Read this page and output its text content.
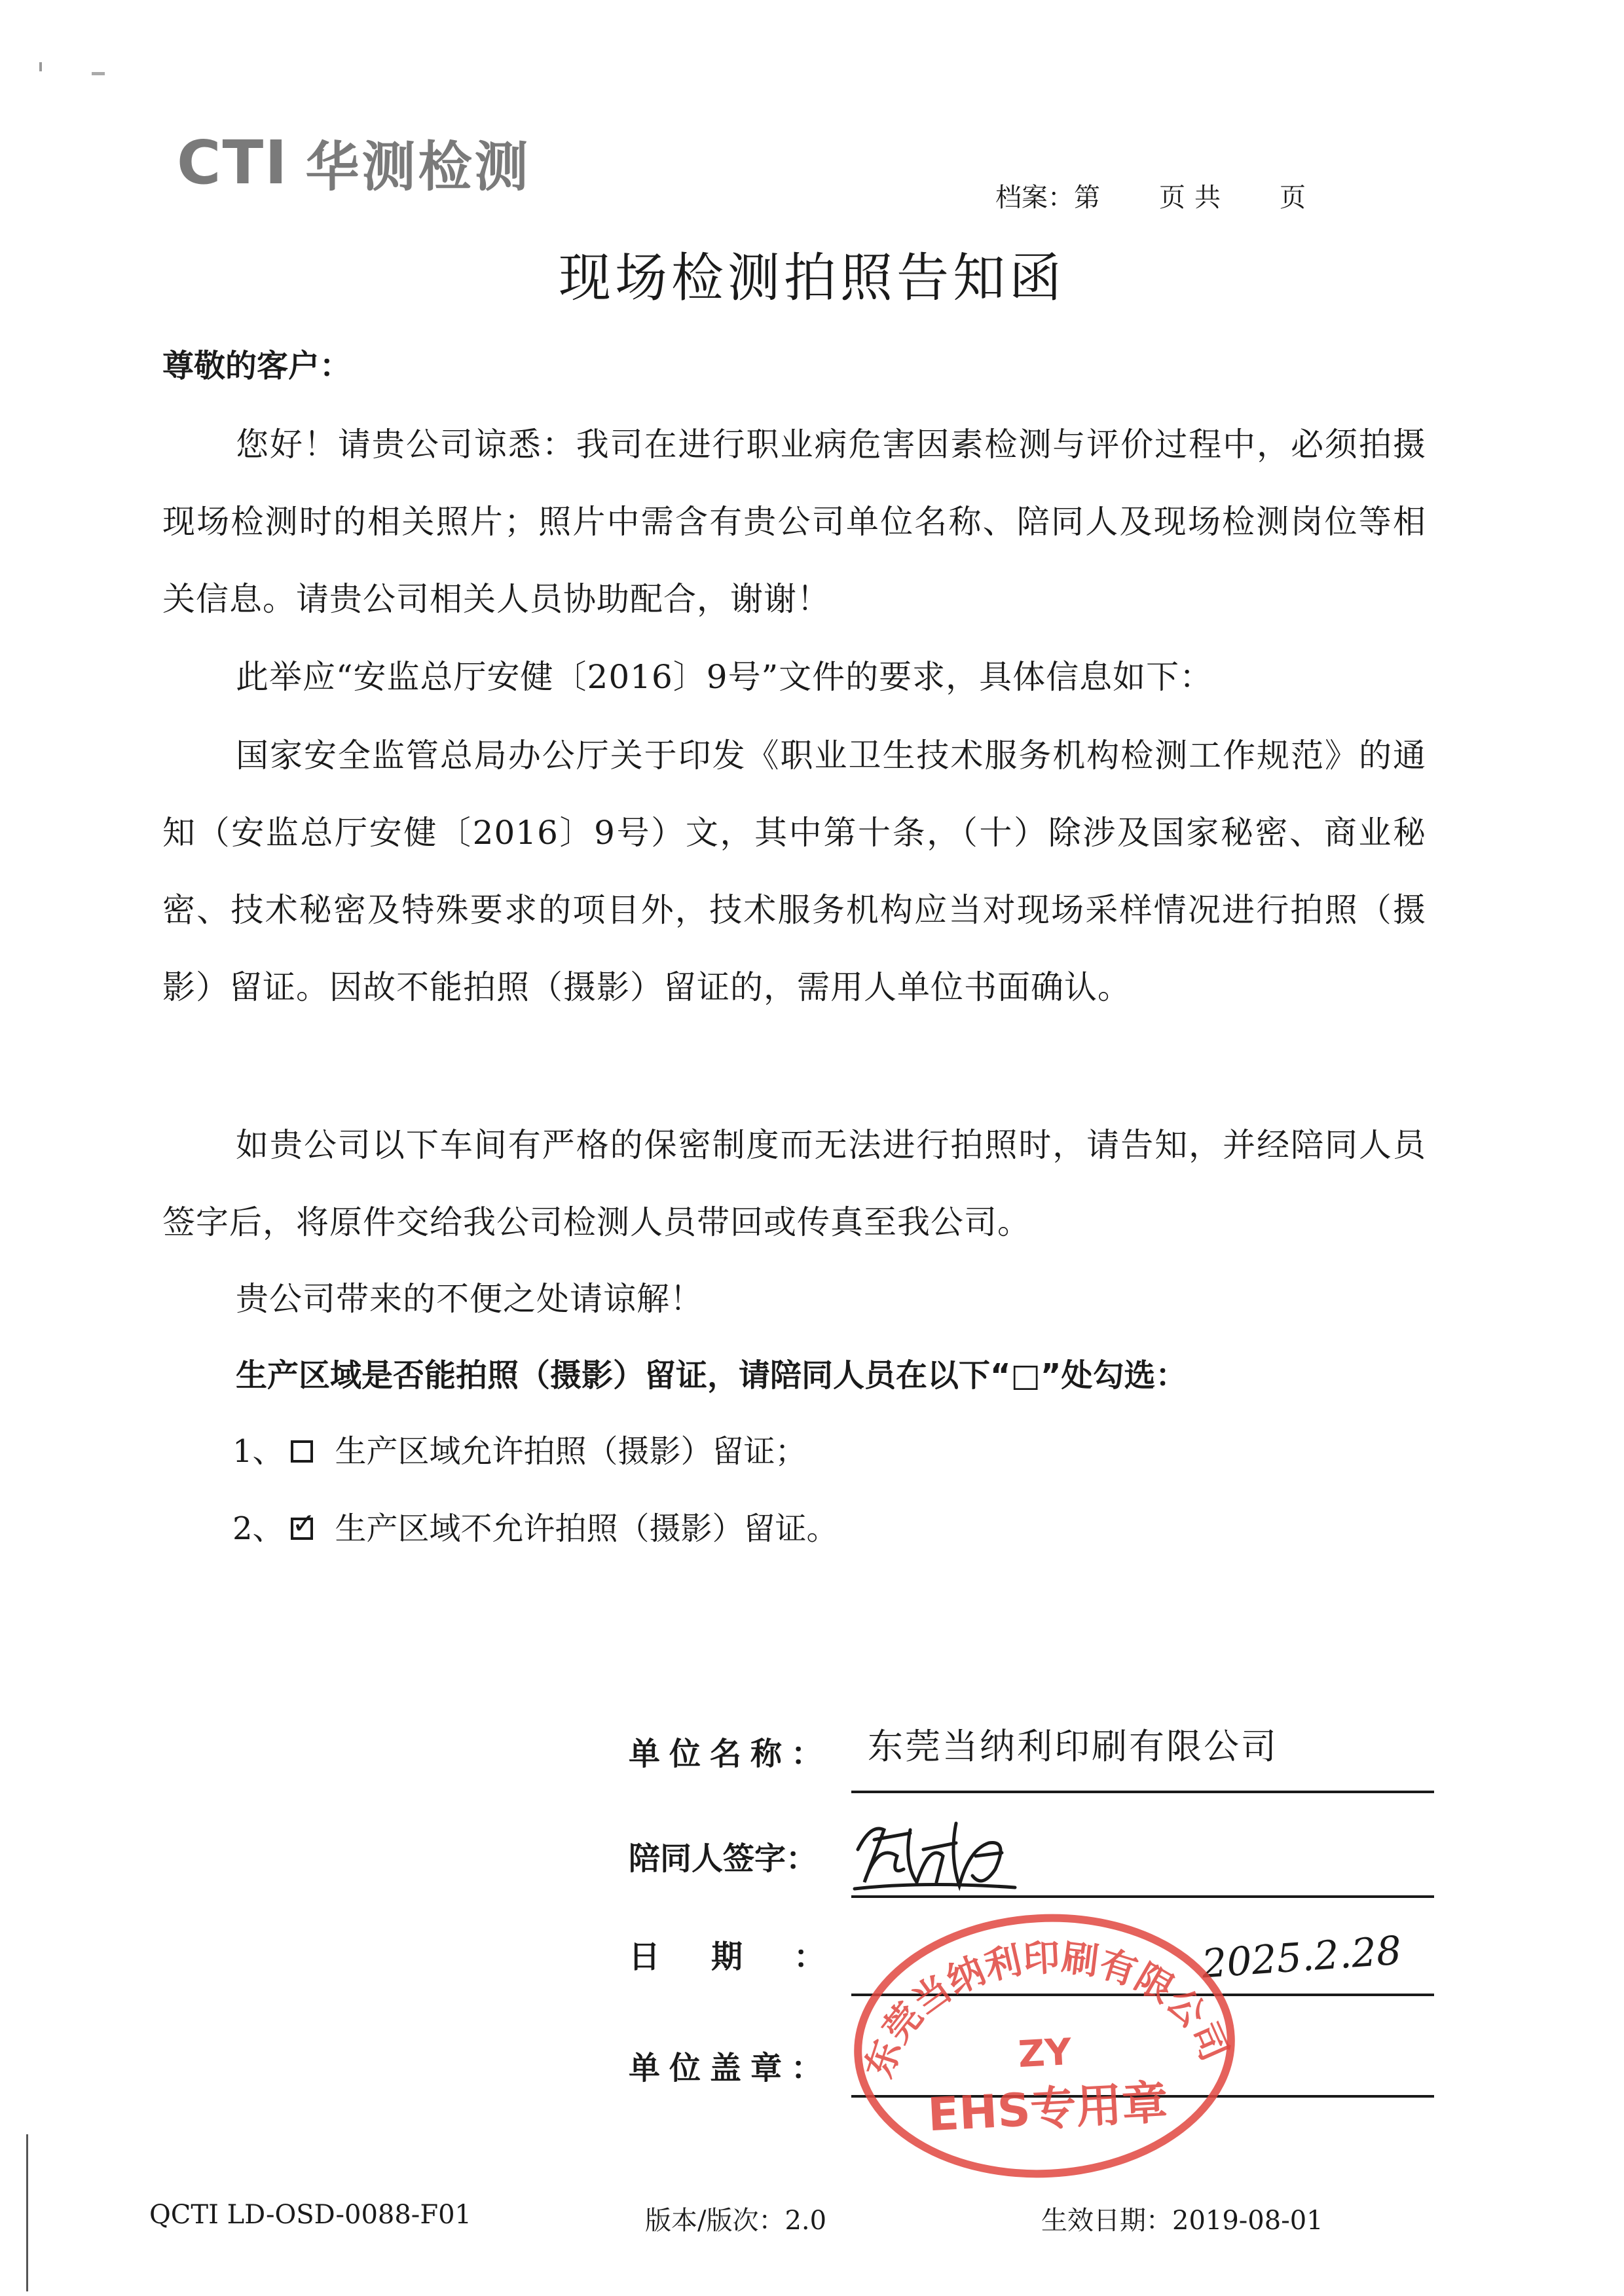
CTI 华测检测	档案：第 页 共 页
现场检测拍照告知函
尊敬的客户：
您好！请贵公司谅悉：我司在进行职业病危害因素检测与评价过程中，必须拍摄现场检测时的相关照片；照片中需含有贵公司单位名称、陪同人及现场检测岗位等相关信息。请贵公司相关人员协助配合，谢谢！
此举应“安监总厅安健〔2016〕9号”文件的要求，具体信息如下：
国家安全监管总局办公厅关于印发《职业卫生技术服务机构检测工作规范》的通知（安监总厅安健〔2016〕9号）文，其中第十条，（十）除涉及国家秘密、商业秘密、技术秘密及特殊要求的项目外，技术服务机构应当对现场采样情况进行拍照（摄影）留证。因故不能拍照（摄影）留证的，需用人单位书面确认。
如贵公司以下车间有严格的保密制度而无法进行拍照时，请告知，并经陪同人员签字后，将原件交给我公司检测人员带回或传真至我公司。
贵公司带来的不便之处请谅解！
生产区域是否能拍照（摄影）留证，请陪同人员在以下“□”处勾选：
1、 生产区域允许拍照（摄影）留证；
2、 ✓ 生产区域不允许拍照（摄影）留证。
单位名称： 东莞当纳利印刷有限公司
陪同人签字：
日 期 ：	2025.2.28
单位盖章： 东莞当纳利印刷有限公司
ZY
EHS专用章
QCTI LD-OSD-0088-F01	版本/版次：2.0	生效日期：2019-08-01
